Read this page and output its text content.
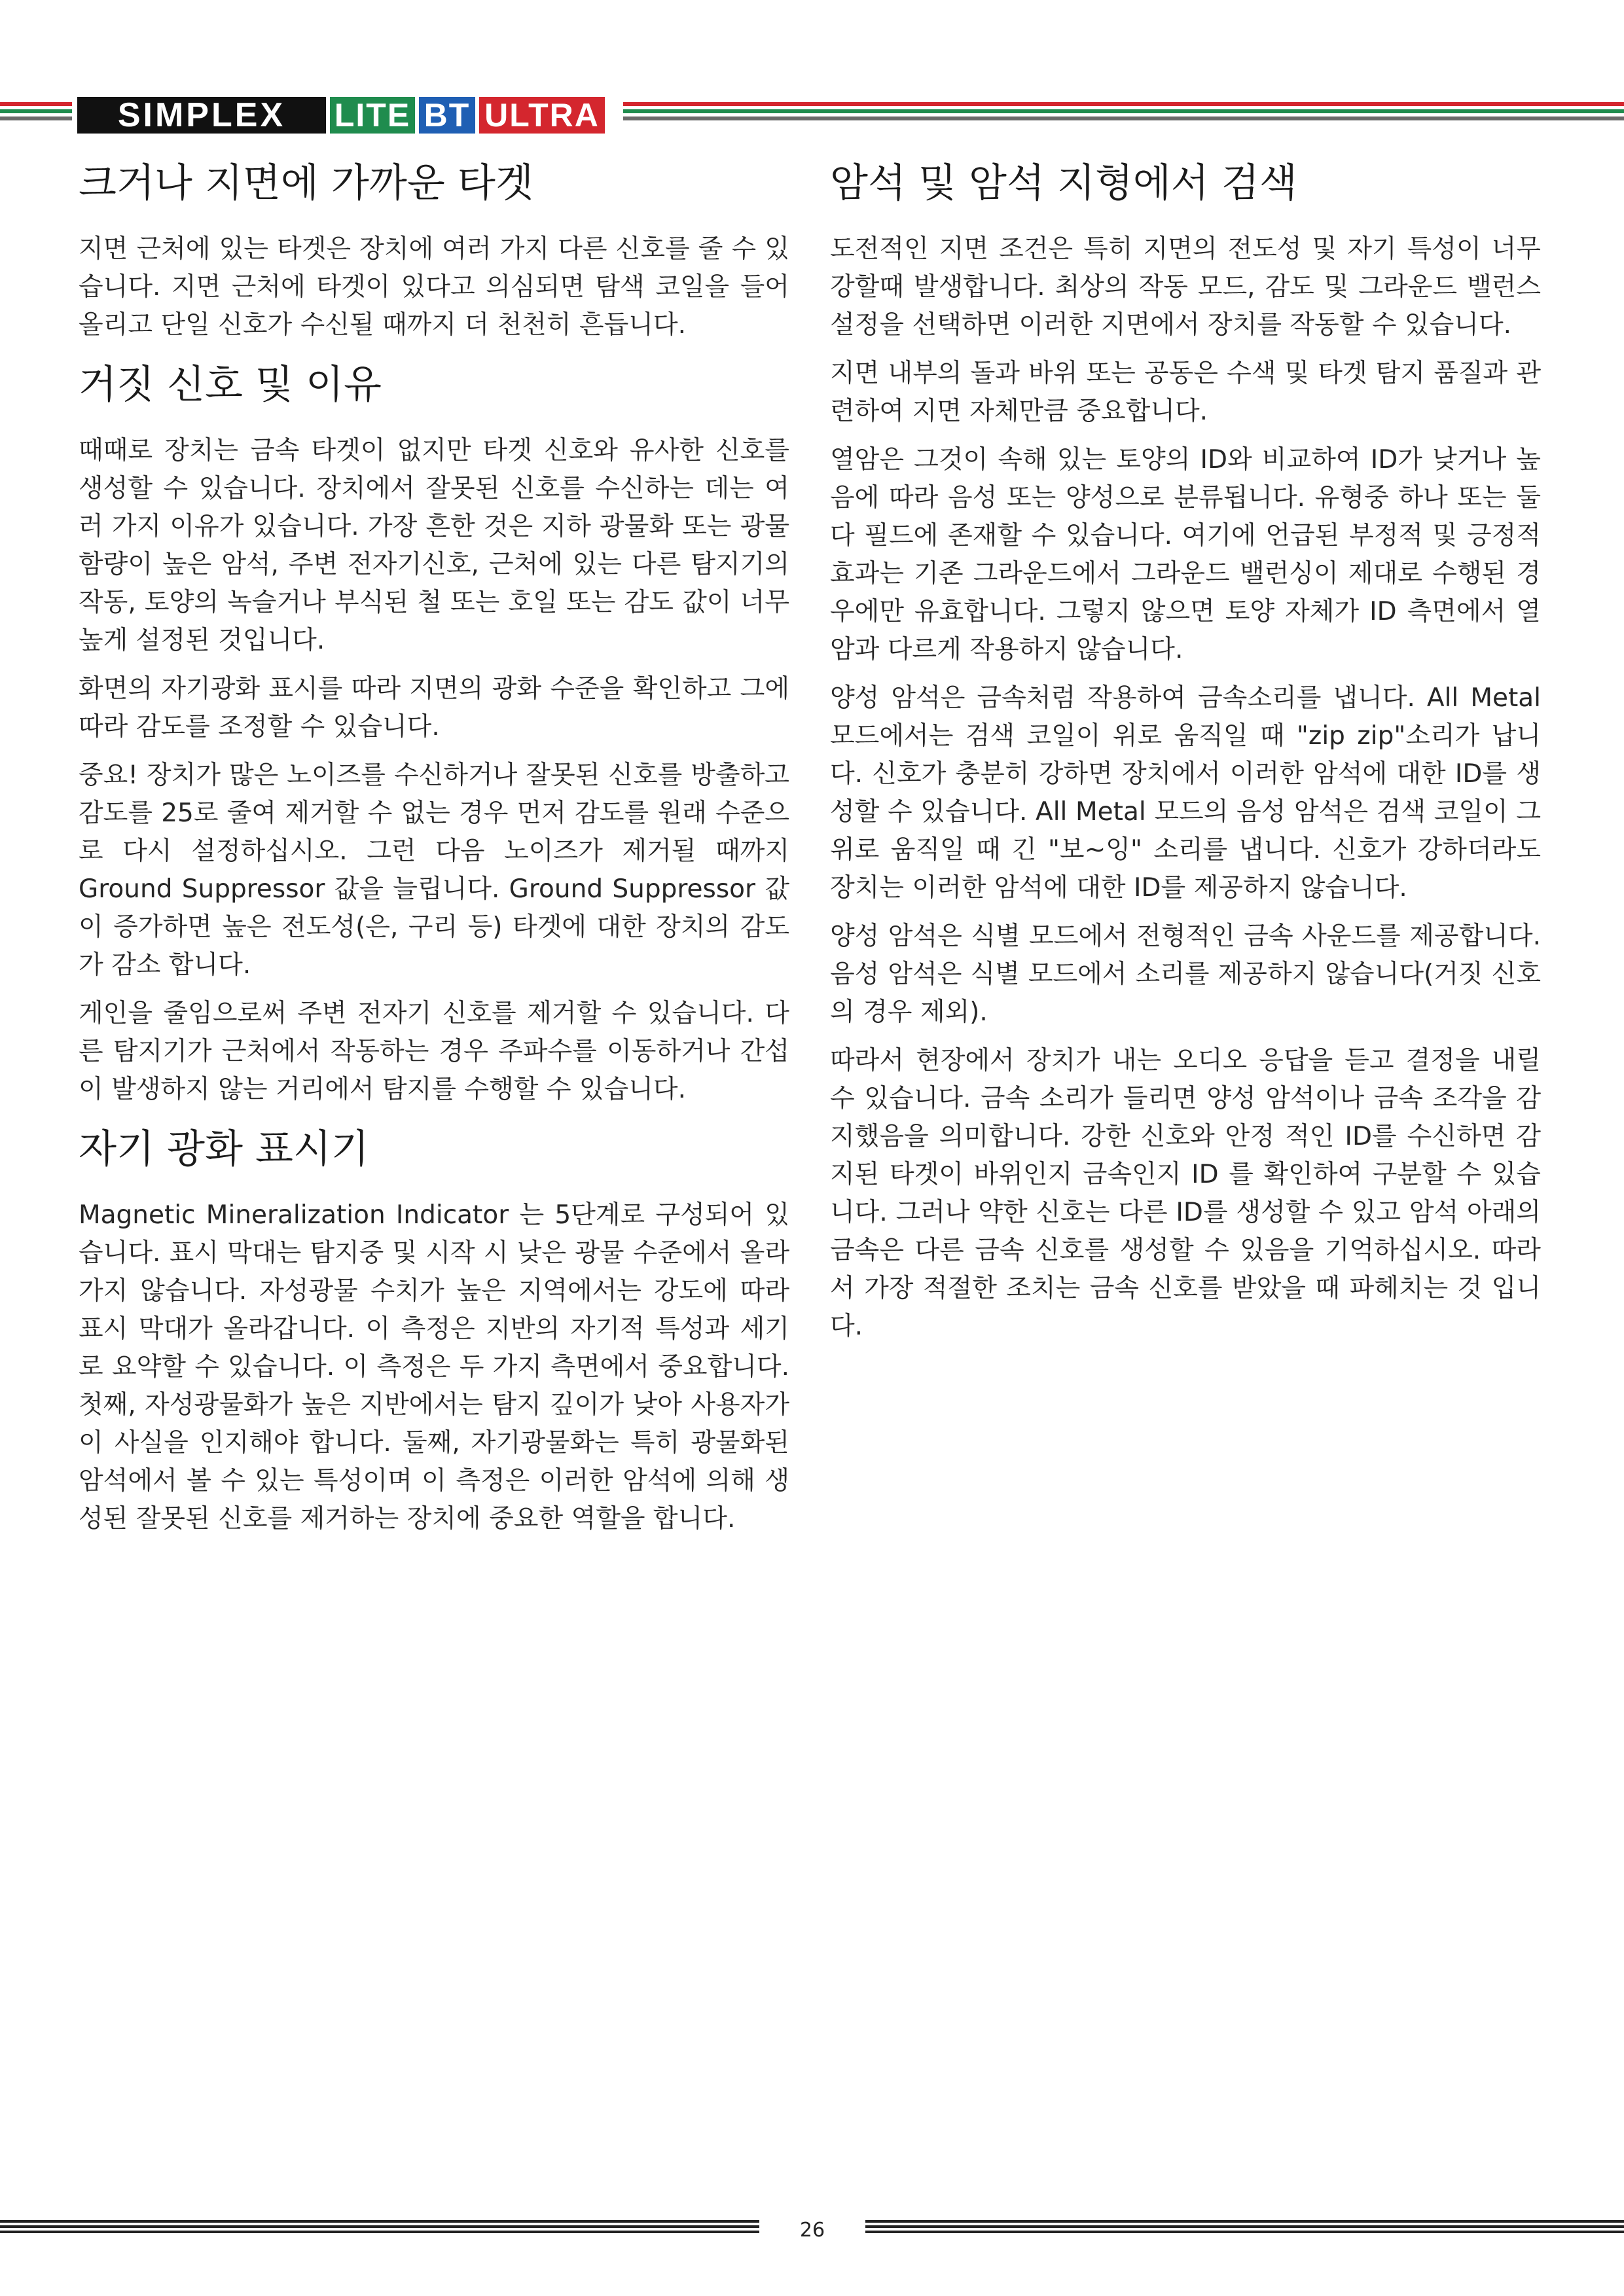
SIMPLEX	LITE BT ULTRA
크거나 지면에 가까운 타겟

지면 근처에 있는 타겟은 장치에 여러 가지 다른 신호를 줄 수 있습니다. 지면 근처에 타겟이 있다고 의심되면 탐색 코일을 들어올리고 단일 신호가 수신될 때까지 더 천천히 흔듭니다.

거짓 신호 및 이유

때때로 장치는 금속 타겟이 없지만 타겟 신호와 유사한 신호를 생성할 수 있습니다. 장치에서 잘못된 신호를 수신하는 데는 여러 가지 이유가 있습니다. 가장 흔한 것은 지하 광물화 또는 광물 함량이 높은 암석, 주변 전자기신호, 근처에 있는 다른 탐지기의 작동, 토양의 녹슬거나 부식된 철 또는 호일 또는 감도 값이 너무 높게 설정된 것입니다.

화면의 자기광화 표시를 따라 지면의 광화 수준을 확인하고 그에 따라 감도를 조정할 수 있습니다.

중요! 장치가 많은 노이즈를 수신하거나 잘못된 신호를 방출하고 감도를 25로 줄여 제거할 수 없는 경우 먼저 감도를 원래 수준으로 다시 설정하십시오. 그런 다음 노이즈가 제거될 때까지 Ground Suppressor 값을 늘립니다. Ground Suppressor 값이 증가하면 높은 전도성(은, 구리 등) 타겟에 대한 장치의 감도가 감소 합니다.

게인을 줄임으로써 주변 전자기 신호를 제거할 수 있습니다. 다른 탐지기가 근처에서 작동하는 경우 주파수를 이동하거나 간섭이 발생하지 않는 거리에서 탐지를 수행할 수 있습니다.

자기 광화 표시기

Magnetic Mineralization Indicator 는 5단계로 구성되어 있습니다. 표시 막대는 탐지중 및 시작 시 낮은 광물 수준에서 올라가지 않습니다. 자성광물 수치가 높은 지역에서는 강도에 따라 표시 막대가 올라갑니다. 이 측정은 지반의 자기적 특성과 세기로 요약할 수 있습니다. 이 측정은 두 가지 측면에서 중요합니다. 첫째, 자성광물화가 높은 지반에서는 탐지 깊이가 낮아 사용자가 이 사실을 인지해야 합니다. 둘째, 자기광물화는 특히 광물화된 암석에서 볼 수 있는 특성이며 이 측정은 이러한 암석에 의해 생성된 잘못된 신호를 제거하는 장치에 중요한 역할을 합니다.

암석 및 암석 지형에서 검색

도전적인 지면 조건은 특히 지면의 전도성 및 자기 특성이 너무 강할때 발생합니다. 최상의 작동 모드, 감도 및 그라운드 밸런스 설정을 선택하면 이러한 지면에서 장치를 작동할 수 있습니다.

지면 내부의 돌과 바위 또는 공동은 수색 및 타겟 탐지 품질과 관련하여 지면 자체만큼 중요합니다.

열암은 그것이 속해 있는 토양의 ID와 비교하여 ID가 낮거나 높음에 따라 음성 또는 양성으로 분류됩니다. 유형중 하나 또는 둘다 필드에 존재할 수 있습니다. 여기에 언급된 부정적 및 긍정적 효과는 기존 그라운드에서 그라운드 밸런싱이 제대로 수행된 경우에만 유효합니다. 그렇지 않으면 토양 자체가 ID 측면에서 열암과 다르게 작용하지 않습니다.

양성 암석은 금속처럼 작용하여 금속소리를 냅니다. All Metal 모드에서는 검색 코일이 위로 움직일 때 "zip zip"소리가 납니다. 신호가 충분히 강하면 장치에서 이러한 암석에 대한 ID를 생성할 수 있습니다. All Metal 모드의 음성 암석은 검색 코일이 그 위로 움직일 때 긴 "보~잉" 소리를 냅니다. 신호가 강하더라도 장치는 이러한 암석에 대한 ID를 제공하지 않습니다.

양성 암석은 식별 모드에서 전형적인 금속 사운드를 제공합니다. 음성 암석은 식별 모드에서 소리를 제공하지 않습니다(거짓 신호의 경우 제외).

따라서 현장에서 장치가 내는 오디오 응답을 듣고 결정을 내릴 수 있습니다. 금속 소리가 들리면 양성 암석이나 금속 조각을 감지했음을 의미합니다. 강한 신호와 안정 적인 ID를 수신하면 감지된 타겟이 바위인지 금속인지 ID 를 확인하여 구분할 수 있습니다. 그러나 약한 신호는 다른 ID를 생성할 수 있고 암석 아래의 금속은 다른 금속 신호를 생성할 수 있음을 기억하십시오. 따라서 가장 적절한 조치는 금속 신호를 받았을 때 파헤치는 것 입니다.

26
